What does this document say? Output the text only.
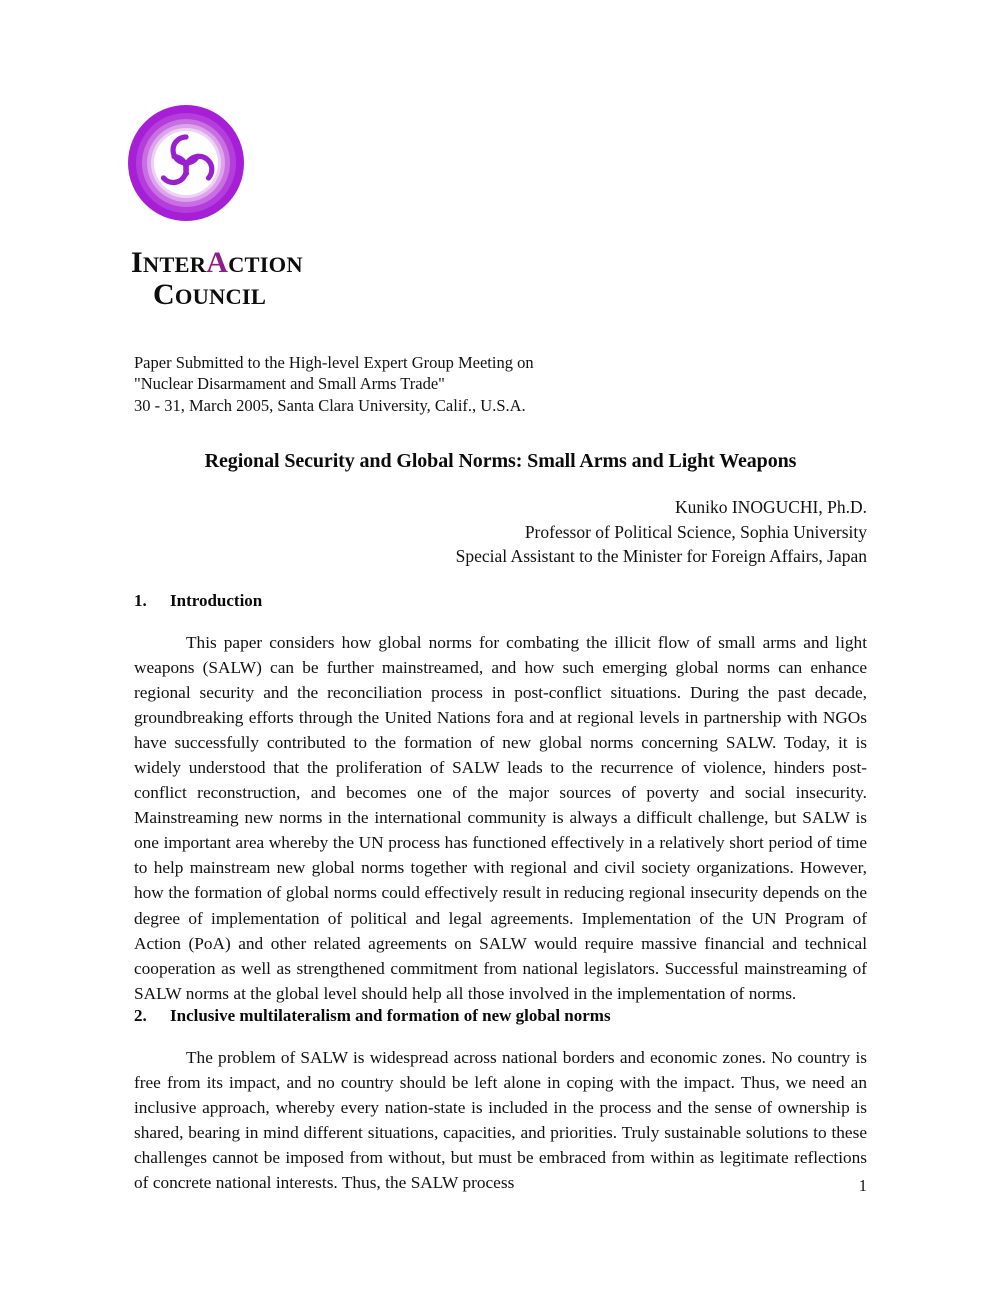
INTERACTION
COUNCIL
Paper Submitted to the High-level Expert Group Meeting on
"Nuclear Disarmament and Small Arms Trade"
30 - 31, March 2005, Santa Clara University, Calif., U.S.A.
Regional Security and Global Norms: Small Arms and Light Weapons
Kuniko INOGUCHI, Ph.D.
Professor of Political Science, Sophia University
Special Assistant to the Minister for Foreign Affairs, Japan
1. Introduction
This paper considers how global norms for combating the illicit flow of small arms and light weapons (SALW) can be further mainstreamed, and how such emerging global norms can enhance regional security and the reconciliation process in post-conflict situations. During the past decade, groundbreaking efforts through the United Nations fora and at regional levels in partnership with NGOs have successfully contributed to the formation of new global norms concerning SALW. Today, it is widely understood that the proliferation of SALW leads to the recurrence of violence, hinders post-conflict reconstruction, and becomes one of the major sources of poverty and social insecurity. Mainstreaming new norms in the international community is always a difficult challenge, but SALW is one important area whereby the UN process has functioned effectively in a relatively short period of time to help mainstream new global norms together with regional and civil society organizations. However, how the formation of global norms could effectively result in reducing regional insecurity depends on the degree of implementation of political and legal agreements. Implementation of the UN Program of Action (PoA) and other related agreements on SALW would require massive financial and technical cooperation as well as strengthened commitment from national legislators. Successful mainstreaming of SALW norms at the global level should help all those involved in the implementation of norms.
2. Inclusive multilateralism and formation of new global norms
The problem of SALW is widespread across national borders and economic zones. No country is free from its impact, and no country should be left alone in coping with the impact. Thus, we need an inclusive approach, whereby every nation-state is included in the process and the sense of ownership is shared, bearing in mind different situations, capacities, and priorities. Truly sustainable solutions to these challenges cannot be imposed from without, but must be embraced from within as legitimate reflections of concrete national interests. Thus, the SALW process	1
